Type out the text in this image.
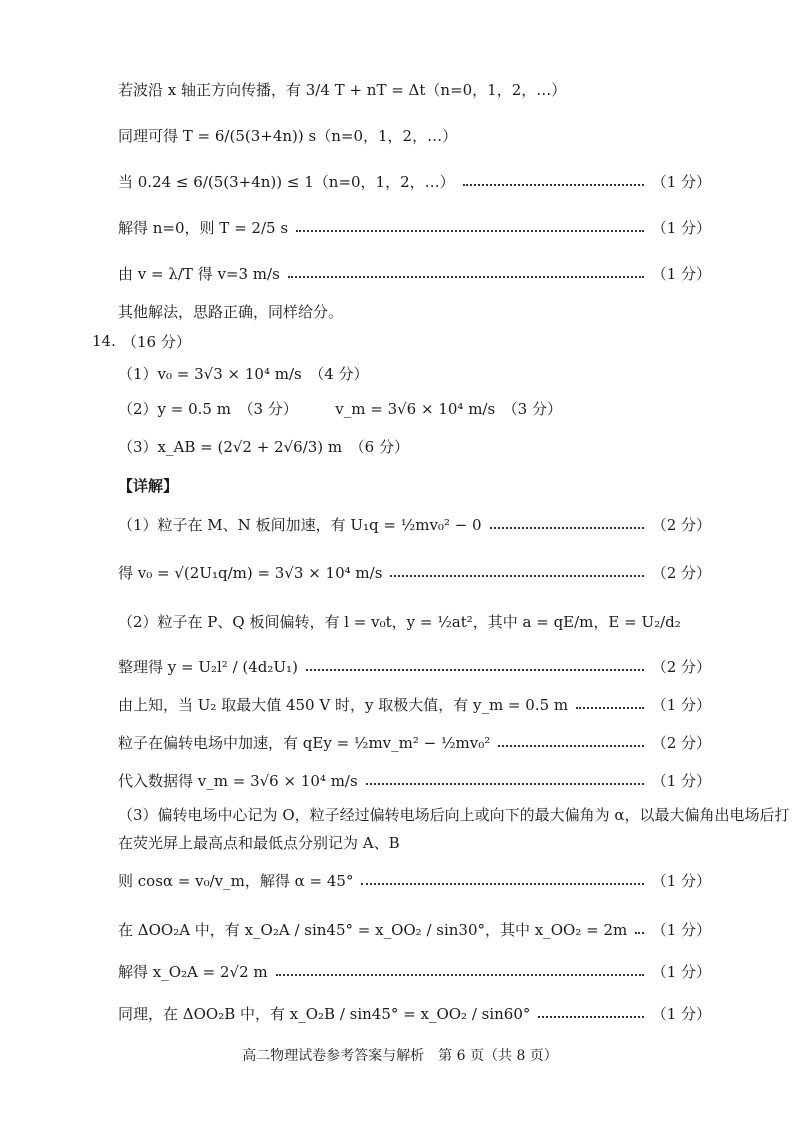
若波沿 x 轴正方向传播，有 3/4 T + nT = Δt（n=0，1，2，…）
同理可得 T = 6/(5(3+4n)) s（n=0，1，2，…）
当 0.24 ≤ 6/(5(3+4n)) ≤ 1（n=0，1，2，…）	（1 分）
解得 n=0，则 T = 2/5 s	（1 分）
由 v = λ/T 得 v=3 m/s	（1 分）
其他解法，思路正确，同样给分。
14. （16 分）
（1）v₀ = 3√3 × 10⁴ m/s　（4 分）
（2）y = 0.5 m　（3 分）　　　v_m = 3√6 × 10⁴ m/s　（3 分）
（3）x_AB = (2√2 + 2√6/3) m　（6 分）
【详解】
（1）粒子在 M、N 板间加速，有 U₁q = ½mv₀² − 0	（2 分）
得 v₀ = √(2U₁q/m) = 3√3 × 10⁴ m/s	（2 分）
（2）粒子在 P、Q 板间偏转，有 l = v₀t，y = ½at²，其中 a = qE/m，E = U₂/d₂
整理得 y = U₂l² / (4d₂U₁)	（2 分）
由上知，当 U₂ 取最大值 450 V 时，y 取极大值，有 y_m = 0.5 m	（1 分）
粒子在偏转电场中加速，有 qEy = ½mv_m² − ½mv₀²	（2 分）
代入数据得 v_m = 3√6 × 10⁴ m/s	（1 分）
（3）偏转电场中心记为 O，粒子经过偏转电场后向上或向下的最大偏角为 α，以最大偏角出电场后打
在荧光屏上最高点和最低点分别记为 A、B
则 cosα = v₀/v_m，解得 α = 45°	（1 分）
在 ΔOO₂A 中，有 x_O₂A / sin45° = x_OO₂ / sin30°，其中 x_OO₂ = 2m （1 分）
解得 x_O₂A = 2√2 m	（1 分）
同理，在 ΔOO₂B 中，有 x_O₂B / sin45° = x_OO₂ / sin60°	（1 分）
高二物理试卷参考答案与解析　第 6 页（共 8 页）
